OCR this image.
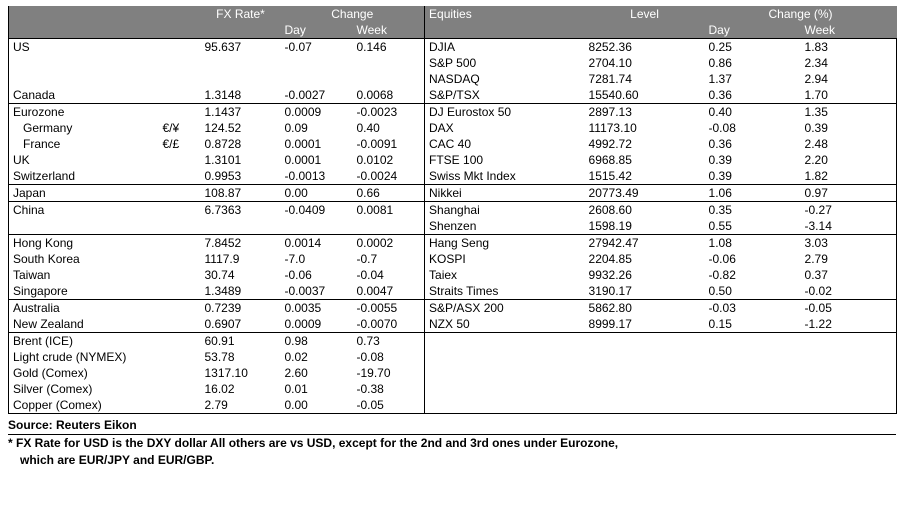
		FX Rate*	Change		Equities	Level	Change (%)	
			Day	Week			Day	Week
US		95.637	-0.07	0.146	DJIA	8252.36	0.25	1.83
					S&P 500	2704.10	0.86	2.34
					NASDAQ	7281.74	1.37	2.94
Canada		1.3148	-0.0027	0.0068	S&P/TSX	15540.60	0.36	1.70
Eurozone		1.1437	0.0009	-0.0023	DJ Eurostox 50	2897.13	0.40	1.35
Germany	€/¥	124.52	0.09	0.40	DAX	11173.10	-0.08	0.39
France	€/£	0.8728	0.0001	-0.0091	CAC 40	4992.72	0.36	2.48
UK		1.3101	0.0001	0.0102	FTSE 100	6968.85	0.39	2.20
Switzerland		0.9953	-0.0013	-0.0024	Swiss Mkt Index	1515.42	0.39	1.82
Japan		108.87	0.00	0.66	Nikkei	20773.49	1.06	0.97
China		6.7363	-0.0409	0.0081	Shanghai	2608.60	0.35	-0.27
					Shenzen	1598.19	0.55	-3.14
Hong Kong		7.8452	0.0014	0.0002	Hang Seng	27942.47	1.08	3.03
South Korea		1117.9	-7.0	-0.7	KOSPI	2204.85	-0.06	2.79
Taiwan		30.74	-0.06	-0.04	Taiex	9932.26	-0.82	0.37
Singapore		1.3489	-0.0037	0.0047	Straits Times	3190.17	0.50	-0.02
Australia		0.7239	0.0035	-0.0055	S&P/ASX 200	5862.80	-0.03	-0.05
New Zealand		0.6907	0.0009	-0.0070	NZX 50	8999.17	0.15	-1.22
Brent (ICE)		60.91	0.98	0.73				
Light crude (NYMEX)		53.78	0.02	-0.08				
Gold (Comex)		1317.10	2.60	-19.70				
Silver (Comex)		16.02	0.01	-0.38				
Copper (Comex)		2.79	0.00	-0.05				
Source: Reuters Eikon
* FX Rate for USD is the DXY dollar All others are vs USD, except for the 2nd and 3rd ones under Eurozone,
which are EUR/JPY and EUR/GBP.
